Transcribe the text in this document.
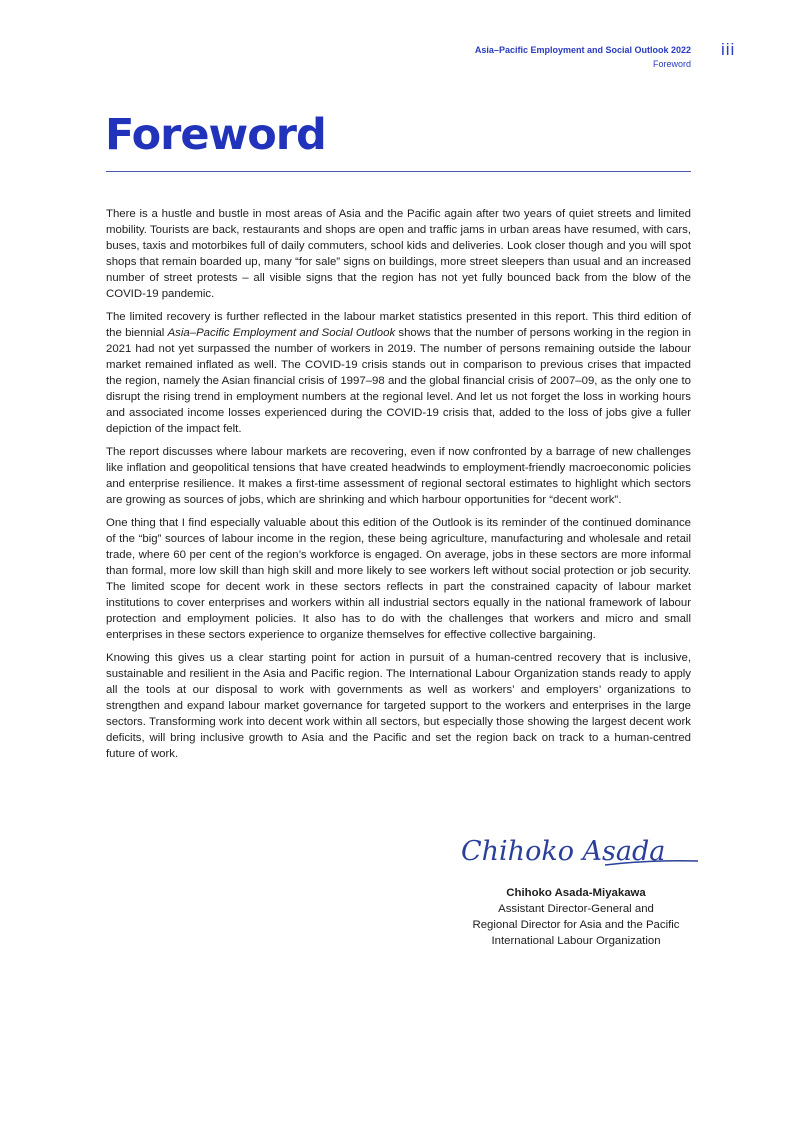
Asia–Pacific Employment and Social Outlook 2022
Foreword
iii
Foreword

There is a hustle and bustle in most areas of Asia and the Pacific again after two years of quiet streets and limited mobility. Tourists are back, restaurants and shops are open and traffic jams in urban areas have resumed, with cars, buses, taxis and motorbikes full of daily commuters, school kids and deliveries. Look closer though and you will spot shops that remain boarded up, many “for sale” signs on buildings, more street sleepers than usual and an increased number of street protests – all visible signs that the region has not yet fully bounced back from the blow of the COVID-19 pandemic.

The limited recovery is further reflected in the labour market statistics presented in this report. This third edition of the biennial Asia–Pacific Employment and Social Outlook shows that the number of persons working in the region in 2021 had not yet surpassed the number of workers in 2019. The number of persons remaining outside the labour market remained inflated as well. The COVID-19 crisis stands out in comparison to previous crises that impacted the region, namely the Asian financial crisis of 1997–98 and the global financial crisis of 2007–09, as the only one to disrupt the rising trend in employment numbers at the regional level. And let us not forget the loss in working hours and associated income losses experienced during the COVID-19 crisis that, added to the loss of jobs give a fuller depiction of the impact felt.

The report discusses where labour markets are recovering, even if now confronted by a barrage of new challenges like inflation and geopolitical tensions that have created headwinds to employment-friendly macroeconomic policies and enterprise resilience. It makes a first-time assessment of regional sectoral estimates to highlight which sectors are growing as sources of jobs, which are shrinking and which harbour opportunities for “decent work”.

One thing that I find especially valuable about this edition of the Outlook is its reminder of the continued dominance of the “big” sources of labour income in the region, these being agriculture, manufacturing and wholesale and retail trade, where 60 per cent of the region’s workforce is engaged. On average, jobs in these sectors are more informal than formal, more low skill than high skill and more likely to see workers left without social protection or job security. The limited scope for decent work in these sectors reflects in part the constrained capacity of labour market institutions to cover enterprises and workers within all industrial sectors equally in the national framework of labour protection and employment policies. It also has to do with the challenges that workers and micro and small enterprises in these sectors experience to organize themselves for effective collective bargaining.

Knowing this gives us a clear starting point for action in pursuit of a human-centred recovery that is inclusive, sustainable and resilient in the Asia and Pacific region. The International Labour Organization stands ready to apply all the tools at our disposal to work with governments as well as workers’ and employers’ organizations to strengthen and expand labour market governance for targeted support to the workers and enterprises in the large sectors. Transforming work into decent work within all sectors, but especially those showing the largest decent work deficits, will bring inclusive growth to Asia and the Pacific and set the region back on track to a human-centred future of work.

Chihoko Asada
Chihoko Asada-Miyakawa
Assistant Director-General and
Regional Director for Asia and the Pacific
International Labour Organization
